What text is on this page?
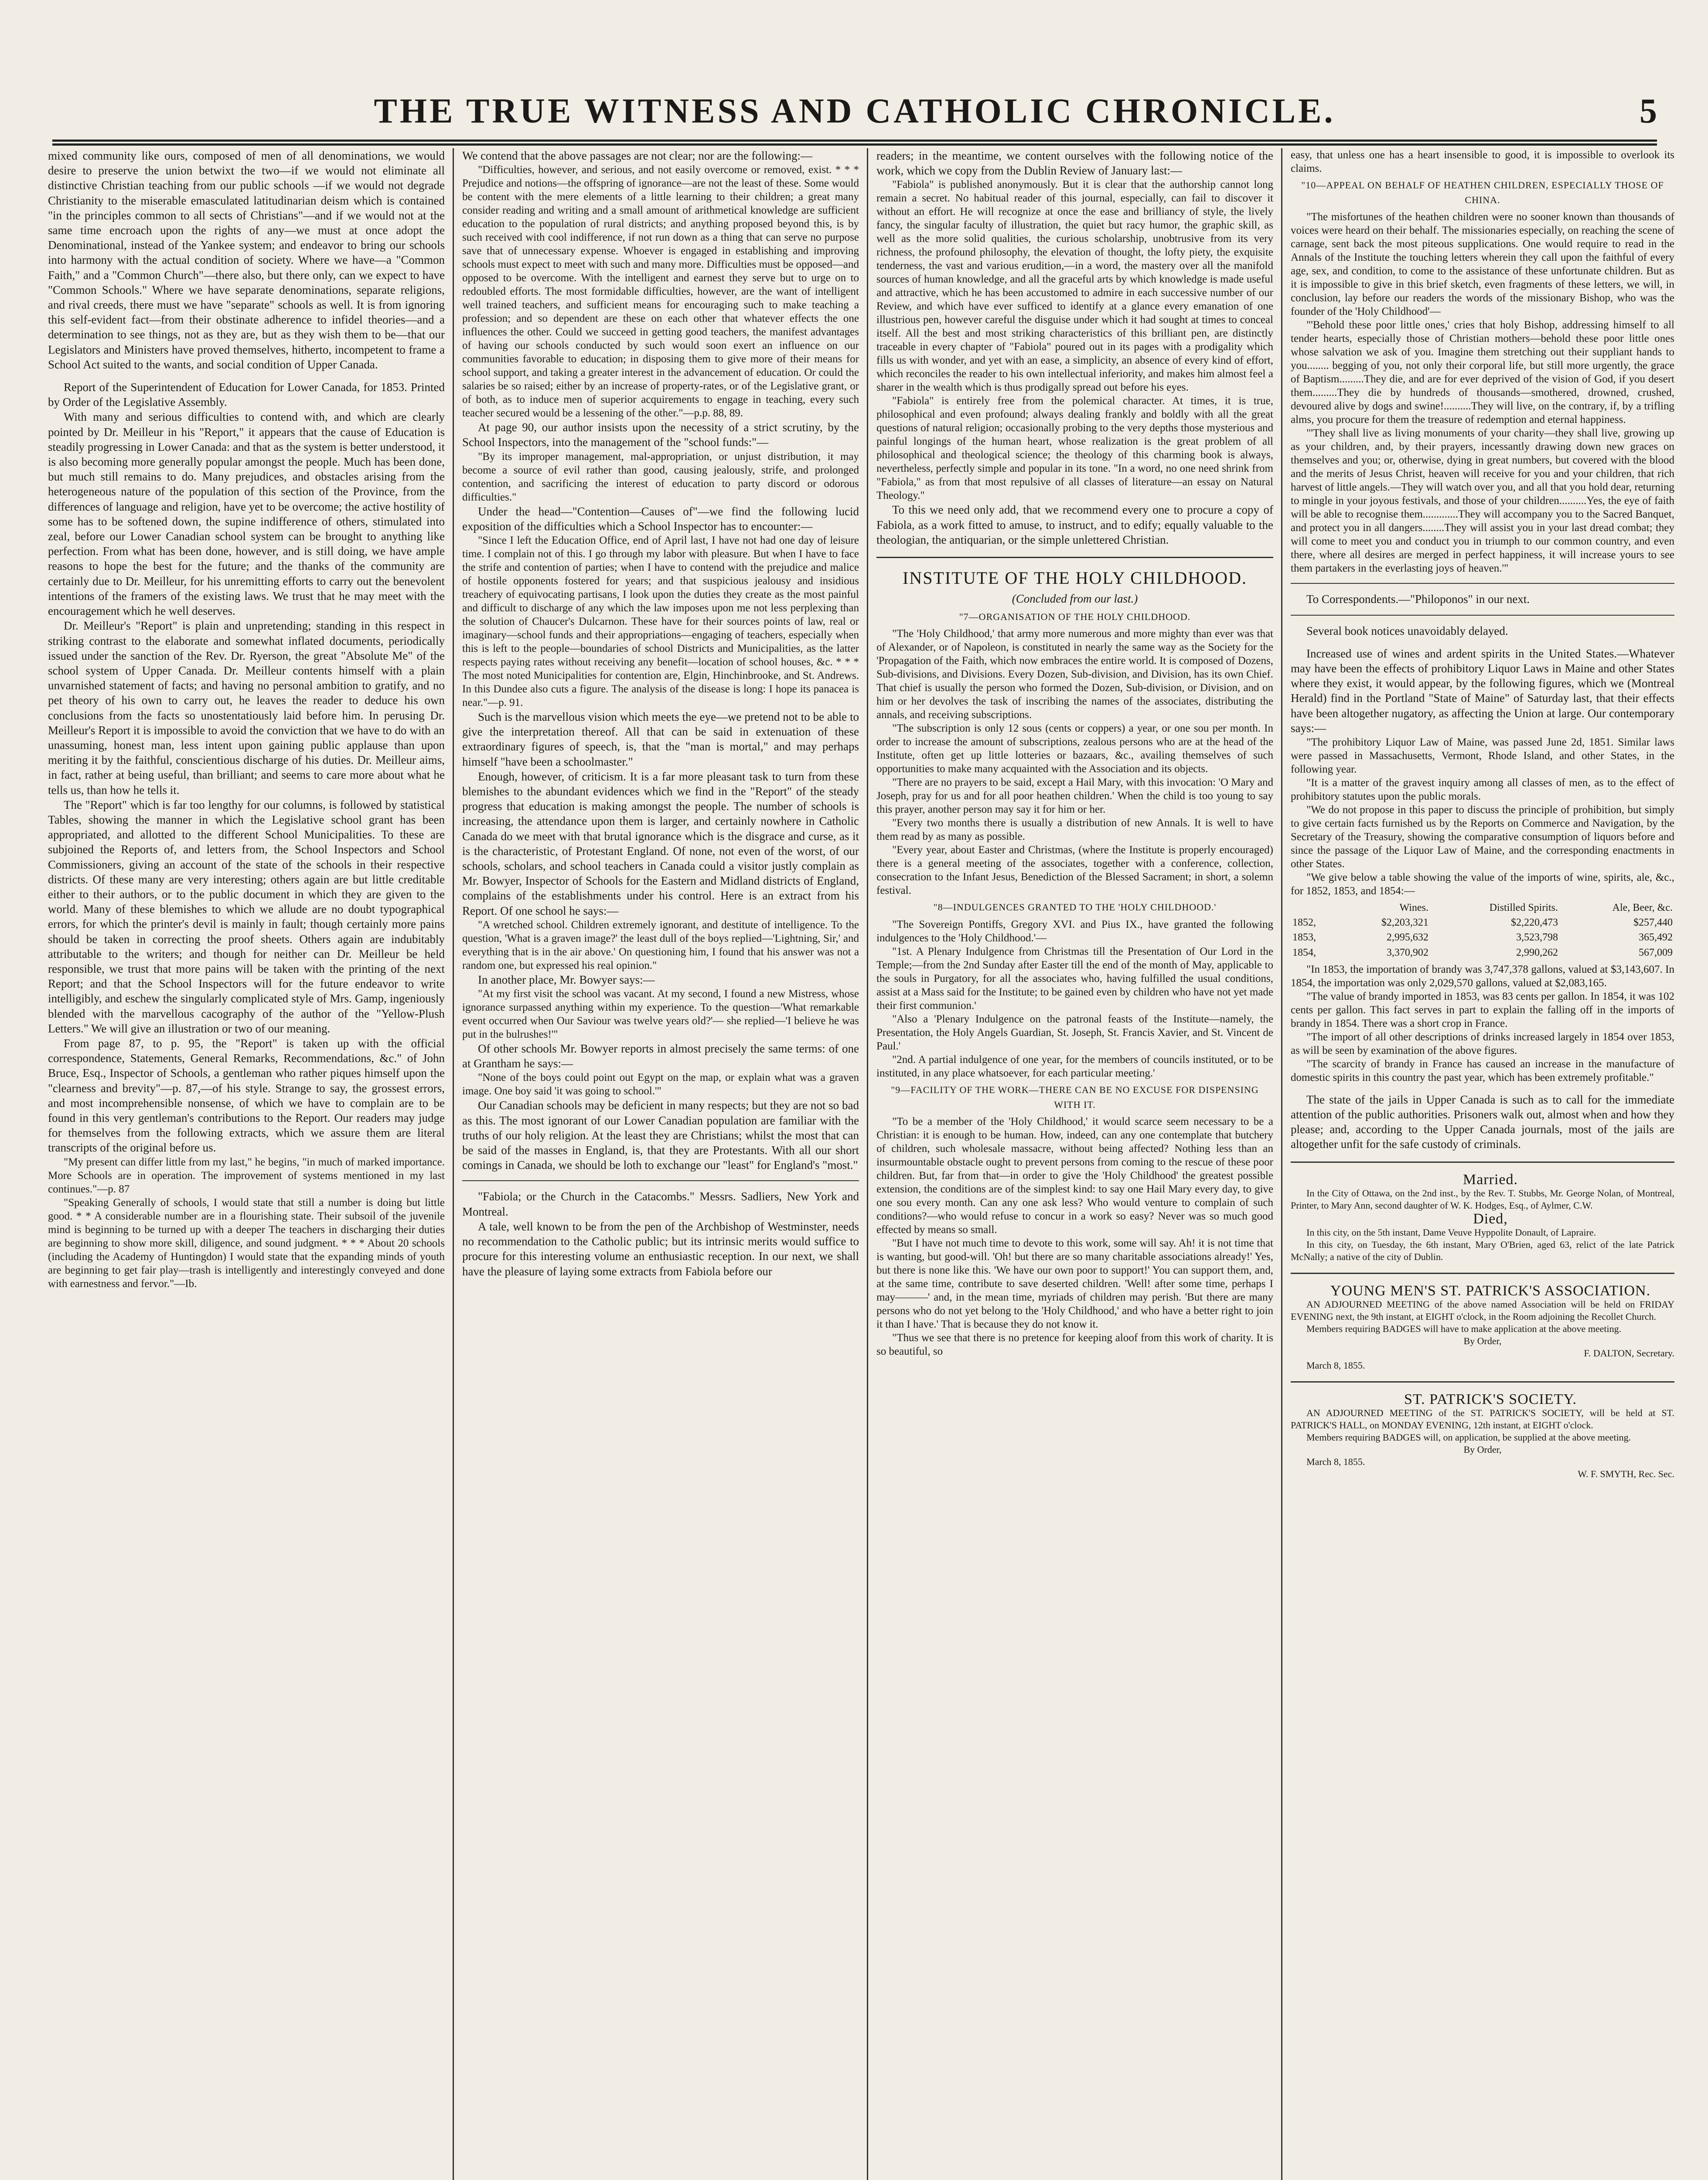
THE TRUE WITNESS AND CATHOLIC CHRONICLE.	5

mixed community like ours, composed of men of all denominations, we would desire to preserve the union betwixt the two—if we would not eliminate all distinctive Christian teaching from our public schools —if we would not degrade Christianity to the miserable emasculated latitudinarian deism which is contained "in the principles common to all sects of Christians"—and if we would not at the same time encroach upon the rights of any—we must at once adopt the Denominational, instead of the Yankee system; and endeavor to bring our schools into harmony with the actual condition of society. Where we have—a "Common Faith," and a "Common Church"—there also, but there only, can we expect to have "Common Schools." Where we have separate denominations, separate religions, and rival creeds, there must we have "separate" schools as well. It is from ignoring this self-evident fact—from their obstinate adherence to infidel theories—and a determination to see things, not as they are, but as they wish them to be—that our Legislators and Ministers have proved themselves, hitherto, incompetent to frame a School Act suited to the wants, and social condition of Upper Canada.

Report of the Superintendent of Education for Lower Canada, for 1853. Printed by Order of the Legislative Assembly.

With many and serious difficulties to contend with, and which are clearly pointed by Dr. Meilleur in his "Report," it appears that the cause of Education is steadily progressing in Lower Canada: and that as the system is better understood, it is also becoming more generally popular amongst the people. Much has been done, but much still remains to do. Many prejudices, and obstacles arising from the heterogeneous nature of the population of this section of the Province, from the differences of language and religion, have yet to be overcome; the active hostility of some has to be softened down, the supine indifference of others, stimulated into zeal, before our Lower Canadian school system can be brought to anything like perfection. From what has been done, however, and is still doing, we have ample reasons to hope the best for the future; and the thanks of the community are certainly due to Dr. Meilleur, for his unremitting efforts to carry out the benevolent intentions of the framers of the existing laws. We trust that he may meet with the encouragement which he well deserves.

Dr. Meilleur's "Report" is plain and unpretending; standing in this respect in striking contrast to the elaborate and somewhat inflated documents, periodically issued under the sanction of the Rev. Dr. Ryerson, the great "Absolute Me" of the school system of Upper Canada. Dr. Meilleur contents himself with a plain unvarnished statement of facts; and having no personal ambition to gratify, and no pet theory of his own to carry out, he leaves the reader to deduce his own conclusions from the facts so unostentatiously laid before him. In perusing Dr. Meilleur's Report it is impossible to avoid the conviction that we have to do with an unassuming, honest man, less intent upon gaining public applause than upon meriting it by the faithful, conscientious discharge of his duties. Dr. Meilleur aims, in fact, rather at being useful, than brilliant; and seems to care more about what he tells us, than how he tells it.

The "Report" which is far too lengthy for our columns, is followed by statistical Tables, showing the manner in which the Legislative school grant has been appropriated, and allotted to the different School Municipalities. To these are subjoined the Reports of, and letters from, the School Inspectors and School Commissioners, giving an account of the state of the schools in their respective districts. Of these many are very interesting; others again are but little creditable either to their authors, or to the public document in which they are given to the world. Many of these blemishes to which we allude are no doubt typographical errors, for which the printer's devil is mainly in fault; though certainly more pains should be taken in correcting the proof sheets. Others again are indubitably attributable to the writers; and though for neither can Dr. Meilleur be held responsible, we trust that more pains will be taken with the printing of the next Report; and that the School Inspectors will for the future endeavor to write intelligibly, and eschew the singularly complicated style of Mrs. Gamp, ingeniously blended with the marvellous cacography of the author of the "Yellow-Plush Letters." We will give an illustration or two of our meaning.

From page 87, to p. 95, the "Report" is taken up with the official correspondence, Statements, General Remarks, Recommendations, &c." of John Bruce, Esq., Inspector of Schools, a gentleman who rather piques himself upon the "clearness and brevity"—p. 87,—of his style. Strange to say, the grossest errors, and most incomprehensible nonsense, of which we have to complain are to be found in this very gentleman's contributions to the Report. Our readers may judge for themselves from the following extracts, which we assure them are literal transcripts of the original before us.

"My present can differ little from my last," he begins, "in much of marked importance. More Schools are in operation. The improvement of systems mentioned in my last continues."—p. 87

"Speaking Generally of schools, I would state that still a number is doing but little good. * * A considerable number are in a flourishing state. Their subsoil of the juvenile mind is beginning to be turned up with a deeper The teachers in discharging their duties are beginning to show more skill, diligence, and sound judgment. * * * About 20 schools (including the Academy of Huntingdon) I would state that the expanding minds of youth are beginning to get fair play—trash is intelligently and interestingly conveyed and done with earnestness and fervor."—Ib.

We contend that the above passages are not clear; nor are the following:—

"Difficulties, however, and serious, and not easily overcome or removed, exist. * * * Prejudice and notions—the offspring of ignorance—are not the least of these. Some would be content with the mere elements of a little learning to their children; a great many consider reading and writing and a small amount of arithmetical knowledge are sufficient education to the population of rural districts; and anything proposed beyond this, is by such received with cool indifference, if not run down as a thing that can serve no purpose save that of unnecessary expense. Whoever is engaged in establishing and improving schools must expect to meet with such and many more. Difficulties must be opposed—and opposed to be overcome. With the intelligent and earnest they serve but to urge on to redoubled efforts. The most formidable difficulties, however, are the want of intelligent well trained teachers, and sufficient means for encouraging such to make teaching a profession; and so dependent are these on each other that whatever effects the one influences the other. Could we succeed in getting good teachers, the manifest advantages of having our schools conducted by such would soon exert an influence on our communities favorable to education; in disposing them to give more of their means for school support, and taking a greater interest in the advancement of education. Or could the salaries be so raised; either by an increase of property-rates, or of the Legislative grant, or of both, as to induce men of superior acquirements to engage in teaching, every such teacher secured would be a lessening of the other."—p.p. 88, 89.

At page 90, our author insists upon the necessity of a strict scrutiny, by the School Inspectors, into the management of the "school funds:"—

"By its improper management, mal-appropriation, or unjust distribution, it may become a source of evil rather than good, causing jealously, strife, and prolonged contention, and sacrificing the interest of education to party discord or odorous difficulties."

Under the head—"Contention—Causes of"—we find the following lucid exposition of the difficulties which a School Inspector has to encounter:—

"Since I left the Education Office, end of April last, I have not had one day of leisure time. I complain not of this. I go through my labor with pleasure. But when I have to face the strife and contention of parties; when I have to contend with the prejudice and malice of hostile opponents fostered for years; and that suspicious jealousy and insidious treachery of equivocating partisans, I look upon the duties they create as the most painful and difficult to discharge of any which the law imposes upon me not less perplexing than the solution of Chaucer's Dulcarnon. These have for their sources points of law, real or imaginary—school funds and their appropriations—engaging of teachers, especially when this is left to the people—boundaries of school Districts and Municipalities, as the latter respects paying rates without receiving any benefit—location of school houses, &c. * * * The most noted Municipalities for contention are, Elgin, Hinchinbrooke, and St. Andrews. In this Dundee also cuts a figure. The analysis of the disease is long: I hope its panacea is near."—p. 91.

Such is the marvellous vision which meets the eye—we pretend not to be able to give the interpretation thereof. All that can be said in extenuation of these extraordinary figures of speech, is, that the "man is mortal," and may perhaps himself "have been a schoolmaster."

Enough, however, of criticism. It is a far more pleasant task to turn from these blemishes to the abundant evidences which we find in the "Report" of the steady progress that education is making amongst the people. The number of schools is increasing, the attendance upon them is larger, and certainly nowhere in Catholic Canada do we meet with that brutal ignorance which is the disgrace and curse, as it is the characteristic, of Protestant England. Of none, not even of the worst, of our schools, scholars, and school teachers in Canada could a visitor justly complain as Mr. Bowyer, Inspector of Schools for the Eastern and Midland districts of England, complains of the establishments under his control. Here is an extract from his Report. Of one school he says:—

"A wretched school. Children extremely ignorant, and destitute of intelligence. To the question, 'What is a graven image?' the least dull of the boys replied—'Lightning, Sir,' and everything that is in the air above.' On questioning him, I found that his answer was not a random one, but expressed his real opinion."

In another place, Mr. Bowyer says:—

"At my first visit the school was vacant. At my second, I found a new Mistress, whose ignorance surpassed anything within my experience. To the question—'What remarkable event occurred when Our Saviour was twelve years old?'— she replied—'I believe he was put in the bulrushes!'"

Of other schools Mr. Bowyer reports in almost precisely the same terms: of one at Grantham he says:—

"None of the boys could point out Egypt on the map, or explain what was a graven image. One boy said 'it was going to school.'"

Our Canadian schools may be deficient in many respects; but they are not so bad as this. The most ignorant of our Lower Canadian population are familiar with the truths of our holy religion. At the least they are Christians; whilst the most that can be said of the masses in England, is, that they are Protestants. With all our short comings in Canada, we should be loth to exchange our "least" for England's "most."

"Fabiola; or the Church in the Catacombs." Messrs. Sadliers, New York and Montreal.

A tale, well known to be from the pen of the Archbishop of Westminster, needs no recommendation to the Catholic public; but its intrinsic merits would suffice to procure for this interesting volume an enthusiastic reception. In our next, we shall have the pleasure of laying some extracts from Fabiola before our

readers; in the meantime, we content ourselves with the following notice of the work, which we copy from the Dublin Review of January last:—

"Fabiola" is published anonymously. But it is clear that the authorship cannot long remain a secret. No habitual reader of this journal, especially, can fail to discover it without an effort. He will recognize at once the ease and brilliancy of style, the lively fancy, the singular faculty of illustration, the quiet but racy humor, the graphic skill, as well as the more solid qualities, the curious scholarship, unobtrusive from its very richness, the profound philosophy, the elevation of thought, the lofty piety, the exquisite tenderness, the vast and various erudition,—in a word, the mastery over all the manifold sources of human knowledge, and all the graceful arts by which knowledge is made useful and attractive, which he has been accustomed to admire in each successive number of our Review, and which have ever sufficed to identify at a glance every emanation of one illustrious pen, however careful the disguise under which it had sought at times to conceal itself. All the best and most striking characteristics of this brilliant pen, are distinctly traceable in every chapter of "Fabiola" poured out in its pages with a prodigality which fills us with wonder, and yet with an ease, a simplicity, an absence of every kind of effort, which reconciles the reader to his own intellectual inferiority, and makes him almost feel a sharer in the wealth which is thus prodigally spread out before his eyes.

"Fabiola" is entirely free from the polemical character. At times, it is true, philosophical and even profound; always dealing frankly and boldly with all the great questions of natural religion; occasionally probing to the very depths those mysterious and painful longings of the human heart, whose realization is the great problem of all philosophical and theological science; the theology of this charming book is always, nevertheless, perfectly simple and popular in its tone. "In a word, no one need shrink from "Fabiola," as from that most repulsive of all classes of literature—an essay on Natural Theology."

To this we need only add, that we recommend every one to procure a copy of Fabiola, as a work fitted to amuse, to instruct, and to edify; equally valuable to the theologian, the antiquarian, or the simple unlettered Christian.

INSTITUTE OF THE HOLY CHILDHOOD.

(Concluded from our last.)

"7—ORGANISATION OF THE HOLY CHILDHOOD.

"The 'Holy Childhood,' that army more numerous and more mighty than ever was that of Alexander, or of Napoleon, is constituted in nearly the same way as the Society for the 'Propagation of the Faith, which now embraces the entire world. It is composed of Dozens, Sub-divisions, and Divisions. Every Dozen, Sub-division, and Division, has its own Chief. That chief is usually the person who formed the Dozen, Sub-division, or Division, and on him or her devolves the task of inscribing the names of the associates, distributing the annals, and receiving subscriptions.

"The subscription is only 12 sous (cents or coppers) a year, or one sou per month. In order to increase the amount of subscriptions, zealous persons who are at the head of the Institute, often get up little lotteries or bazaars, &c., availing themselves of such opportunities to make many acquainted with the Association and its objects.

"There are no prayers to be said, except a Hail Mary, with this invocation: 'O Mary and Joseph, pray for us and for all poor heathen children.' When the child is too young to say this prayer, another person may say it for him or her.

"Every two months there is usually a distribution of new Annals. It is well to have them read by as many as possible.

"Every year, about Easter and Christmas, (where the Institute is properly encouraged) there is a general meeting of the associates, together with a conference, collection, consecration to the Infant Jesus, Benediction of the Blessed Sacrament; in short, a solemn festival.

"8—INDULGENCES GRANTED TO THE 'HOLY CHILDHOOD.'

"The Sovereign Pontiffs, Gregory XVI. and Pius IX., have granted the following indulgences to the 'Holy Childhood.'—

"1st. A Plenary Indulgence from Christmas till the Presentation of Our Lord in the Temple;—from the 2nd Sunday after Easter till the end of the month of May, applicable to the souls in Purgatory, for all the associates who, having fulfilled the usual conditions, assist at a Mass said for the Institute; to be gained even by children who have not yet made their first communion.'

"Also a 'Plenary Indulgence on the patronal feasts of the Institute—namely, the Presentation, the Holy Angels Guardian, St. Joseph, St. Francis Xavier, and St. Vincent de Paul.'

"2nd. A partial indulgence of one year, for the members of councils instituted, or to be instituted, in any place whatsoever, for each particular meeting.'

"9—FACILITY OF THE WORK—THERE CAN BE NO EXCUSE FOR DISPENSING WITH IT.

"To be a member of the 'Holy Childhood,' it would scarce seem necessary to be a Christian: it is enough to be human. How, indeed, can any one contemplate that butchery of children, such wholesale massacre, without being affected? Nothing less than an insurmountable obstacle ought to prevent persons from coming to the rescue of these poor children. But, far from that—in order to give the 'Holy Childhood' the greatest possible extension, the conditions are of the simplest kind: to say one Hail Mary every day, to give one sou every month. Can any one ask less? Who would venture to complain of such conditions?—who would refuse to concur in a work so easy? Never was so much good effected by means so small.

"But I have not much time to devote to this work, some will say. Ah! it is not time that is wanting, but good-will. 'Oh! but there are so many charitable associations already!' Yes, but there is none like this. 'We have our own poor to support!' You can support them, and, at the same time, contribute to save deserted children. 'Well! after some time, perhaps I may———' and, in the mean time, myriads of children may perish. 'But there are many persons who do not yet belong to the 'Holy Childhood,' and who have a better right to join it than I have.' That is because they do not know it.

"Thus we see that there is no pretence for keeping aloof from this work of charity. It is so beautiful, so

easy, that unless one has a heart insensible to good, it is impossible to overlook its claims.

"10—APPEAL ON BEHALF OF HEATHEN CHILDREN, ESPECIALLY THOSE OF CHINA.

"The misfortunes of the heathen children were no sooner known than thousands of voices were heard on their behalf. The missionaries especially, on reaching the scene of carnage, sent back the most piteous supplications. One would require to read in the Annals of the Institute the touching letters wherein they call upon the faithful of every age, sex, and condition, to come to the assistance of these unfortunate children. But as it is impossible to give in this brief sketch, even fragments of these letters, we will, in conclusion, lay before our readers the words of the missionary Bishop, who was the founder of the 'Holy Childhood'—

"'Behold these poor little ones,' cries that holy Bishop, addressing himself to all tender hearts, especially those of Christian mothers—behold these poor little ones whose salvation we ask of you. Imagine them stretching out their suppliant hands to you........ begging of you, not only their corporal life, but still more urgently, the grace of Baptism.........They die, and are for ever deprived of the vision of God, if you desert them.........They die by hundreds of thousands—smothered, drowned, crushed, devoured alive by dogs and swine!..........They will live, on the contrary, if, by a trifling alms, you procure for them the treasure of redemption and eternal happiness.

"'They shall live as living monuments of your charity—they shall live, growing up as your children, and, by their prayers, incessantly drawing down new graces on themselves and you; or, otherwise, dying in great numbers, but covered with the blood and the merits of Jesus Christ, heaven will receive for you and your children, that rich harvest of little angels.—They will watch over you, and all that you hold dear, returning to mingle in your joyous festivals, and those of your children..........Yes, the eye of faith will be able to recognise them.............They will accompany you to the Sacred Banquet, and protect you in all dangers........They will assist you in your last dread combat; they will come to meet you and conduct you in triumph to our common country, and even there, where all desires are merged in perfect happiness, it will increase yours to see them partakers in the everlasting joys of heaven.'"

To Correspondents.—"Philoponos" in our next.

Several book notices unavoidably delayed.

Increased use of wines and ardent spirits in the United States.—Whatever may have been the effects of prohibitory Liquor Laws in Maine and other States where they exist, it would appear, by the following figures, which we (Montreal Herald) find in the Portland "State of Maine" of Saturday last, that their effects have been altogether nugatory, as affecting the Union at large. Our contemporary says:—

"The prohibitory Liquor Law of Maine, was passed June 2d, 1851. Similar laws were passed in Massachusetts, Vermont, Rhode Island, and other States, in the following year.

"It is a matter of the gravest inquiry among all classes of men, as to the effect of prohibitory statutes upon the public morals.

"We do not propose in this paper to discuss the principle of prohibition, but simply to give certain facts furnished us by the Reports on Commerce and Navigation, by the Secretary of the Treasury, showing the comparative consumption of liquors before and since the passage of the Liquor Law of Maine, and the corresponding enactments in other States.

"We give below a table showing the value of the imports of wine, spirits, ale, &c., for 1852, 1853, and 1854:—

	Wines.	Distilled Spirits.	Ale, Beer, &c.
1852,	$2,203,321	$2,220,473	$257,440
1853,	2,995,632	3,523,798	365,492
1854,	3,370,902	2,990,262	567,009

"In 1853, the importation of brandy was 3,747,378 gallons, valued at $3,143,607. In 1854, the importation was only 2,029,570 gallons, valued at $2,083,165.

"The value of brandy imported in 1853, was 83 cents per gallon. In 1854, it was 102 cents per gallon. This fact serves in part to explain the falling off in the imports of brandy in 1854. There was a short crop in France.

"The import of all other descriptions of drinks increased largely in 1854 over 1853, as will be seen by examination of the above figures.

"The scarcity of brandy in France has caused an increase in the manufacture of domestic spirits in this country the past year, which has been extremely profitable."

The state of the jails in Upper Canada is such as to call for the immediate attention of the public authorities. Prisoners walk out, almost when and how they please; and, according to the Upper Canada journals, most of the jails are altogether unfit for the safe custody of criminals.

Married.

In the City of Ottawa, on the 2nd inst., by the Rev. T. Stubbs, Mr. George Nolan, of Montreal, Printer, to Mary Ann, second daughter of W. K. Hodges, Esq., of Aylmer, C.W.

Died,

In this city, on the 5th instant, Dame Veuve Hyppolite Donault, of Lapraire.

In this city, on Tuesday, the 6th instant, Mary O'Brien, aged 63, relict of the late Patrick McNally; a native of the city of Dublin.

YOUNG MEN'S ST. PATRICK'S ASSOCIATION.

AN ADJOURNED MEETING of the above named Association will be held on FRIDAY EVENING next, the 9th instant, at EIGHT o'clock, in the Room adjoining the Recollet Church.

Members requiring BADGES will have to make application at the above meeting.

By Order,

F. DALTON, Secretary.

March 8, 1855.

ST. PATRICK'S SOCIETY.

AN ADJOURNED MEETING of the ST. PATRICK'S SOCIETY, will be held at ST. PATRICK'S HALL, on MONDAY EVENING, 12th instant, at EIGHT o'clock.

Members requiring BADGES will, on application, be supplied at the above meeting.

By Order,

March 8, 1855.

W. F. SMYTH, Rec. Sec.
